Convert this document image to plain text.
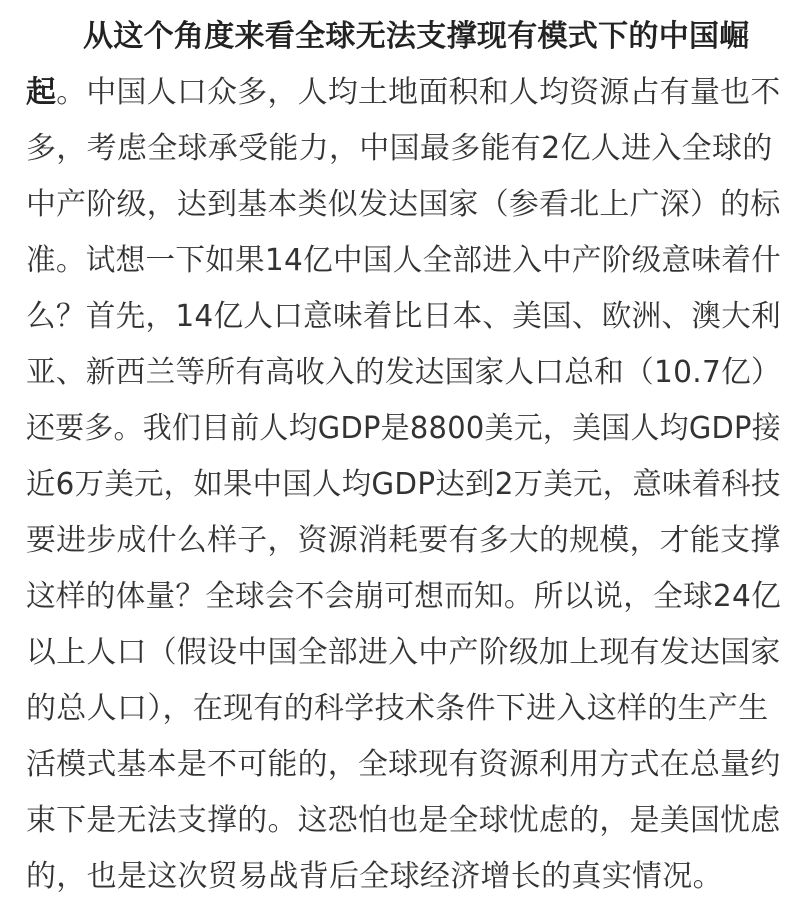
从这个角度来看全球无法支撑现有模式下的中国崛
起。中国人口众多，人均土地面积和人均资源占有量也不
多，考虑全球承受能力，中国最多能有2亿人进入全球的
中产阶级，达到基本类似发达国家（参看北上广深）的标
准。试想一下如果14亿中国人全部进入中产阶级意味着什
么？首先，14亿人口意味着比日本、美国、欧洲、澳大利
亚、新西兰等所有高收入的发达国家人口总和（10.7亿）
还要多。我们目前人均GDP是8800美元，美国人均GDP接
近6万美元，如果中国人均GDP达到2万美元，意味着科技
要进步成什么样子，资源消耗要有多大的规模，才能支撑
这样的体量？全球会不会崩可想而知。所以说，全球24亿
以上人口（假设中国全部进入中产阶级加上现有发达国家
的总人口），在现有的科学技术条件下进入这样的生产生
活模式基本是不可能的，全球现有资源利用方式在总量约
束下是无法支撑的。这恐怕也是全球忧虑的，是美国忧虑
的，也是这次贸易战背后全球经济增长的真实情况。
